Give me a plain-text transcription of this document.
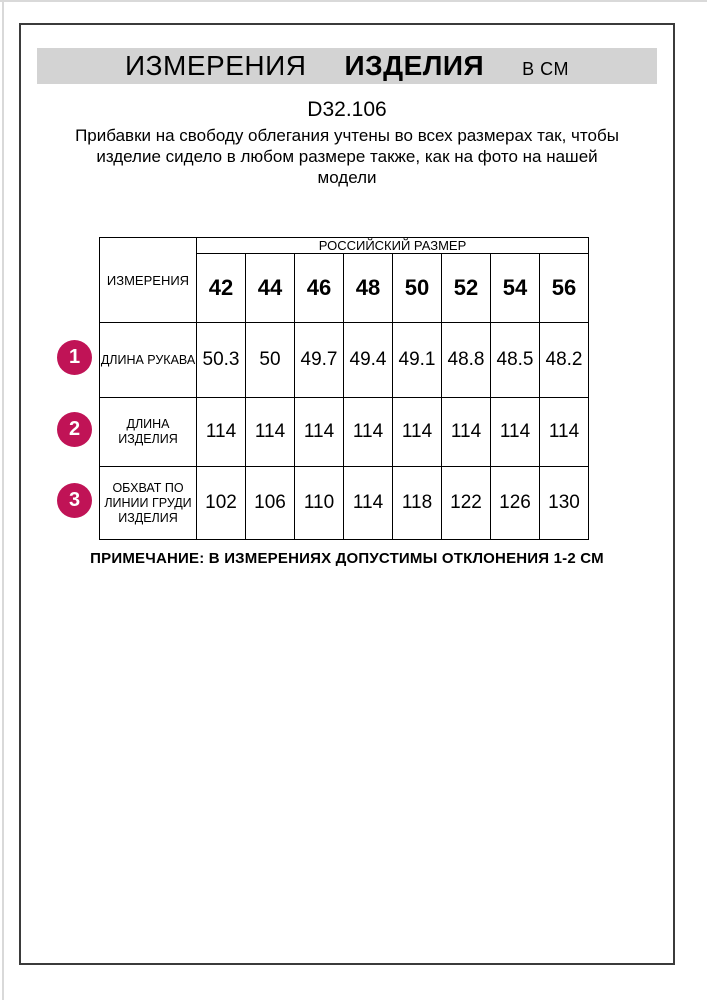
ИЗМЕРЕНИЯ ИЗДЕЛИЯ В СМ
D32.106
Прибавки на свободу облегания учтены во всех размерах так, чтобы
изделие сидело в любом размере также, как на фото на нашей
модели
ИЗМЕРЕНИЯ	РОССИЙСКИЙ РАЗМЕР							
	42	44	46	48	50	52	54	56

ДЛИНА РУКАВА	50.3	50	49.7	49.4	49.1	48.8	48.5	48.2

ДЛИНА
ИЗДЕЛИЯ	114	114	114	114	114	114	114	114

ОБХВАТ ПО
ЛИНИИ ГРУДИ
ИЗДЕЛИЯ	102	106	110	114	118	122	126	130
ПРИМЕЧАНИЕ: В ИЗМЕРЕНИЯХ ДОПУСТИМЫ ОТКЛОНЕНИЯ 1-2 СМ
1
2
3
